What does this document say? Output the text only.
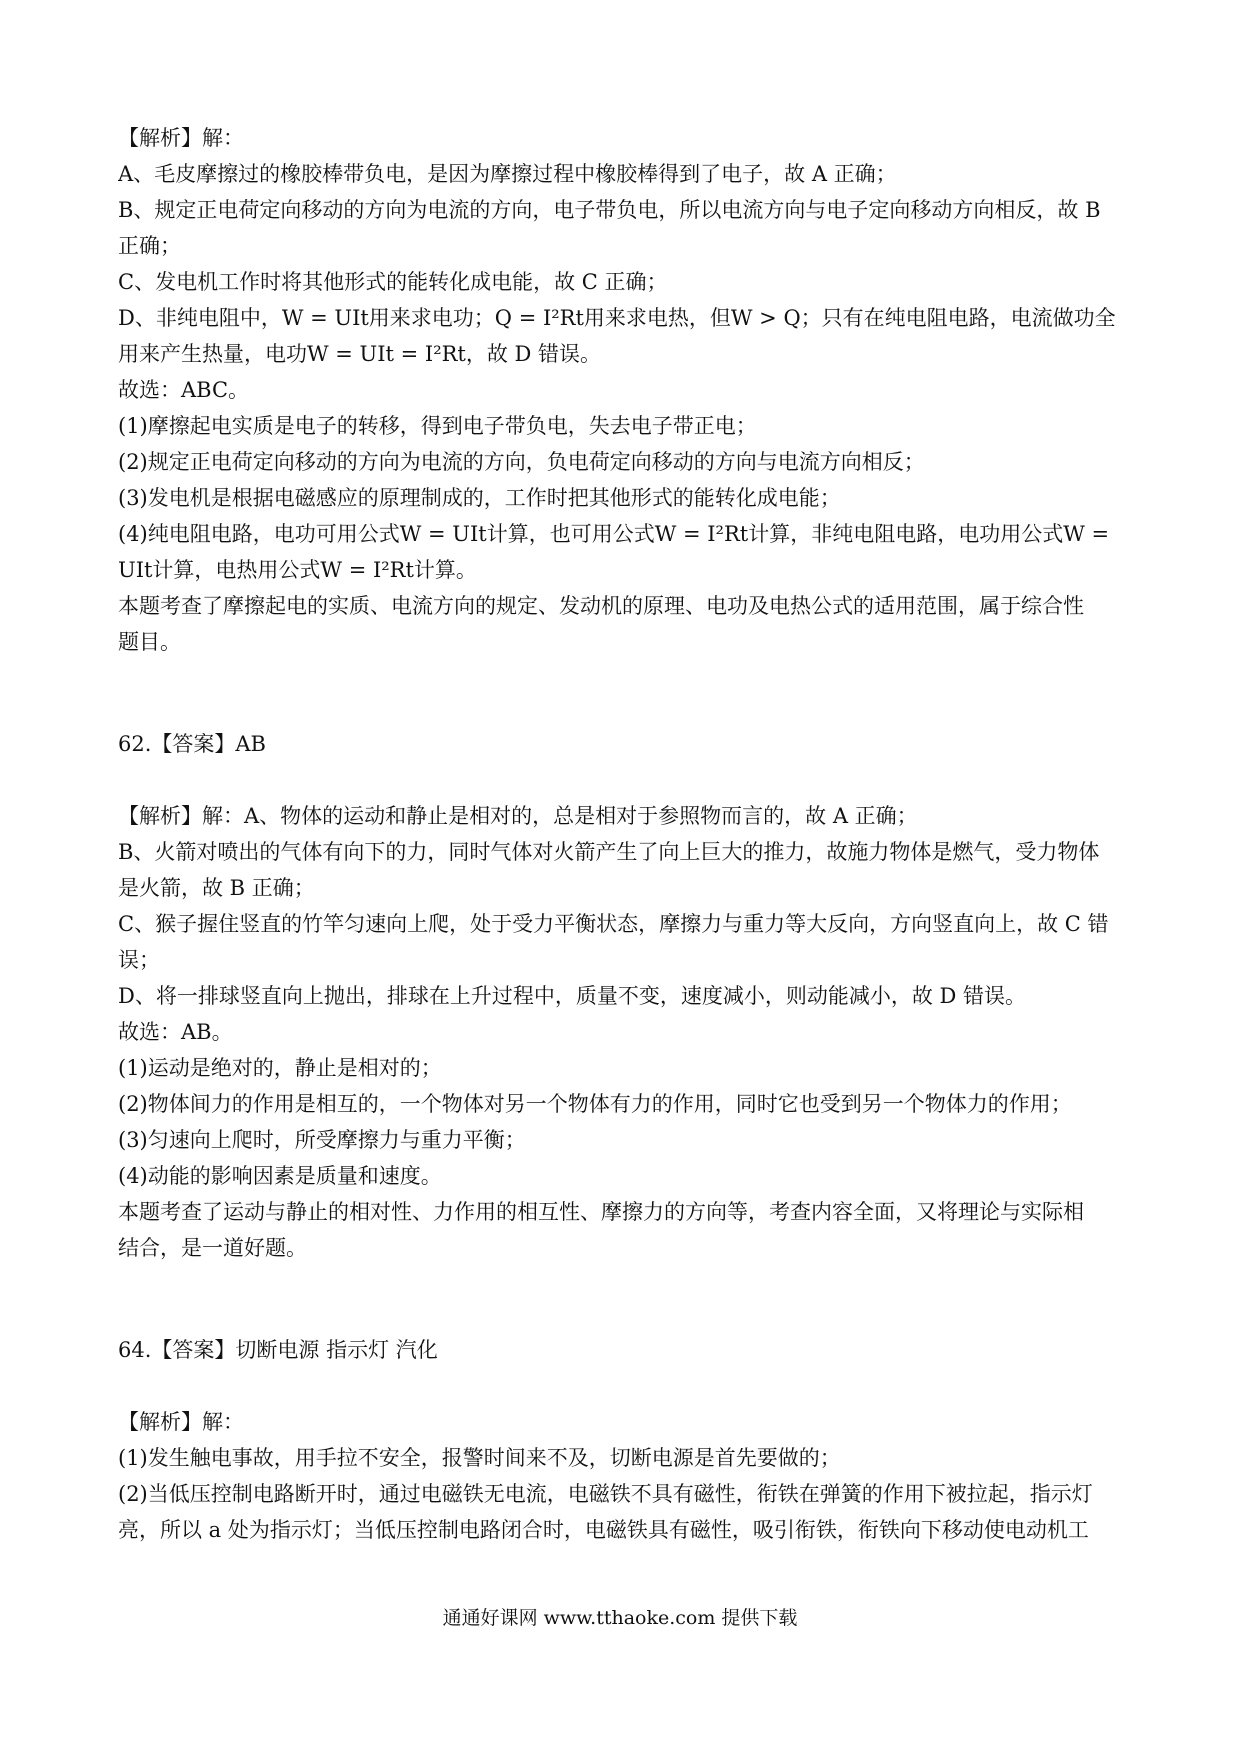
【解析】解：
A、毛皮摩擦过的橡胶棒带负电，是因为摩擦过程中橡胶棒得到了电子，故 A 正确；
B、规定正电荷定向移动的方向为电流的方向，电子带负电，所以电流方向与电子定向移动方向相反，故 B
正确；
C、发电机工作时将其他形式的能转化成电能，故 C 正确；
D、非纯电阻中，W = UIt用来求电功；Q = I²Rt用来求电热，但W > Q；只有在纯电阻电路，电流做功全
用来产生热量，电功W = UIt = I²Rt，故 D 错误。
故选：ABC。
(1)摩擦起电实质是电子的转移，得到电子带负电，失去电子带正电；
(2)规定正电荷定向移动的方向为电流的方向，负电荷定向移动的方向与电流方向相反；
(3)发电机是根据电磁感应的原理制成的，工作时把其他形式的能转化成电能；
(4)纯电阻电路，电功可用公式W = UIt计算，也可用公式W = I²Rt计算，非纯电阻电路，电功用公式W =
UIt计算，电热用公式W = I²Rt计算。
本题考查了摩擦起电的实质、电流方向的规定、发动机的原理、电功及电热公式的适用范围，属于综合性
题目。
62.【答案】AB
【解析】解：A、物体的运动和静止是相对的，总是相对于参照物而言的，故 A 正确；
B、火箭对喷出的气体有向下的力，同时气体对火箭产生了向上巨大的推力，故施力物体是燃气，受力物体
是火箭，故 B 正确；
C、猴子握住竖直的竹竿匀速向上爬，处于受力平衡状态，摩擦力与重力等大反向，方向竖直向上，故 C 错
误；
D、将一排球竖直向上抛出，排球在上升过程中，质量不变，速度减小，则动能减小，故 D 错误。
故选：AB。
(1)运动是绝对的，静止是相对的；
(2)物体间力的作用是相互的，一个物体对另一个物体有力的作用，同时它也受到另一个物体力的作用；
(3)匀速向上爬时，所受摩擦力与重力平衡；
(4)动能的影响因素是质量和速度。
本题考查了运动与静止的相对性、力作用的相互性、摩擦力的方向等，考查内容全面，又将理论与实际相
结合，是一道好题。
64.【答案】切断电源 指示灯 汽化
【解析】解：
(1)发生触电事故，用手拉不安全，报警时间来不及，切断电源是首先要做的；
(2)当低压控制电路断开时，通过电磁铁无电流，电磁铁不具有磁性，衔铁在弹簧的作用下被拉起，指示灯
亮，所以 a 处为指示灯；当低压控制电路闭合时，电磁铁具有磁性，吸引衔铁，衔铁向下移动使电动机工
通通好课网 www.tthaoke.com 提供下载
